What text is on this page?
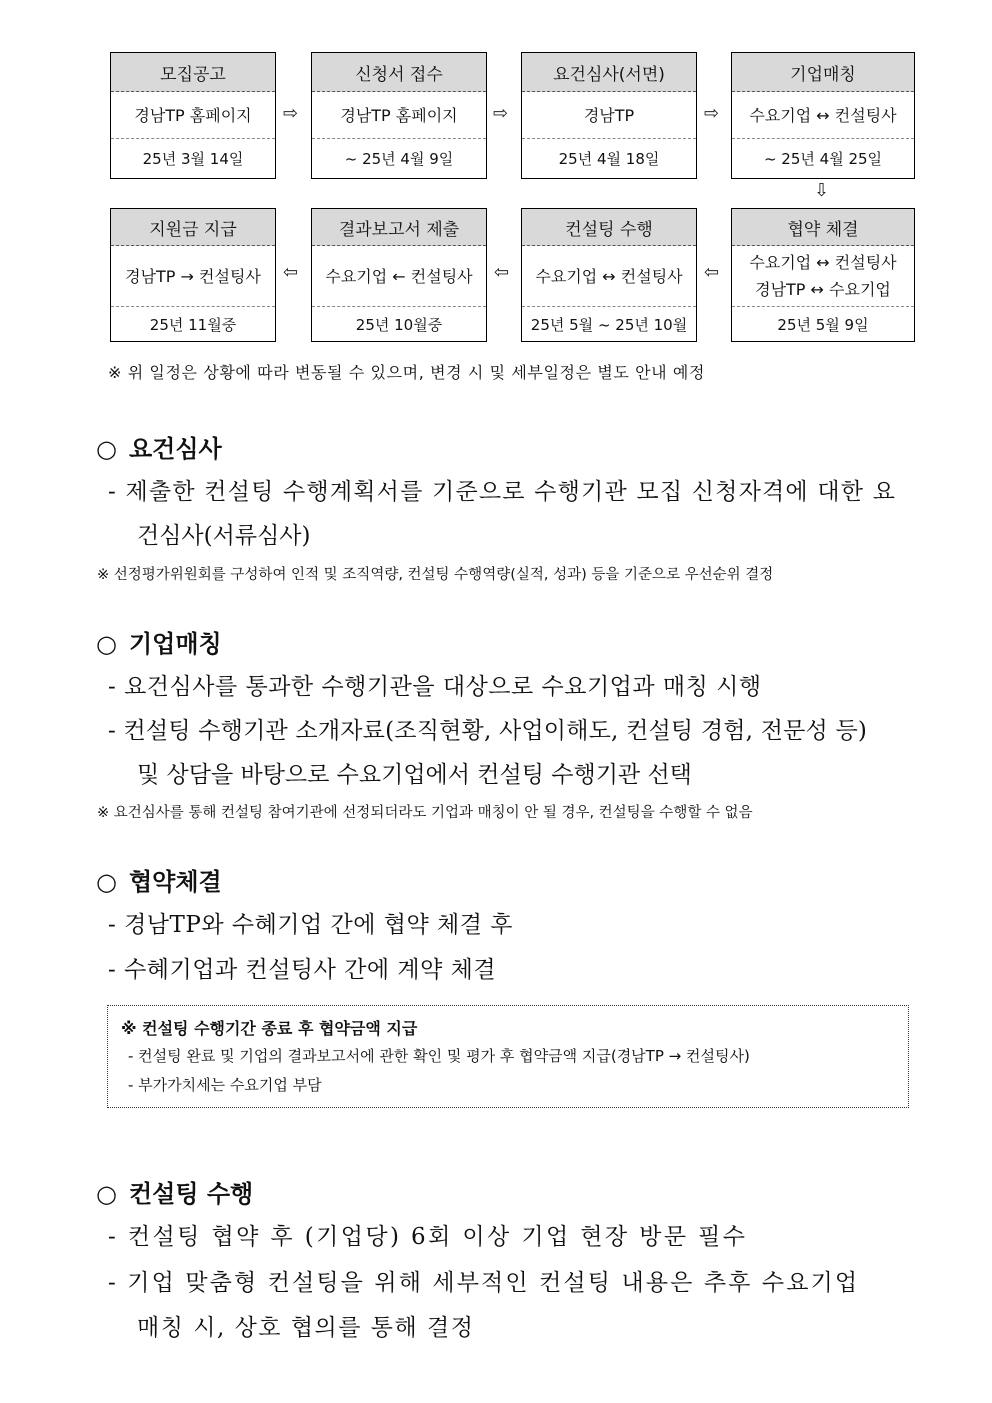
모집공고
경남TP 홈페이지
25년 3월 14일
신청서 접수
경남TP 홈페이지
~ 25년 4월 9일
요건심사(서면)
경남TP
25년 4월 18일
기업매칭
수요기업 ↔ 컨설팅사
~ 25년 4월 25일
지원금 지급
경남TP → 컨설팅사
25년 11월중
결과보고서 제출
수요기업 ← 컨설팅사
25년 10월중
컨설팅 수행
수요기업 ↔ 컨설팅사
25년 5월 ~ 25년 10월
협약 체결
수요기업 ↔ 컨설팅사
경남TP ↔ 수요기업
25년 5월 9일
⇨	⇨	⇨
⇩
⇦	⇦	⇦
※ 위 일정은 상황에 따라 변동될 수 있으며, 변경 시 및 세부일정은 별도 안내 예정
○ 요건심사
- 제출한 컨설팅 수행계획서를 기준으로 수행기관 모집 신청자격에 대한 요
건심사(서류심사)
※ 선정평가위원회를 구성하여 인적 및 조직역량, 컨설팅 수행역량(실적, 성과) 등을 기준으로 우선순위 결정
○ 기업매칭
- 요건심사를 통과한 수행기관을 대상으로 수요기업과 매칭 시행
- 컨설팅 수행기관 소개자료(조직현황, 사업이해도, 컨설팅 경험, 전문성 등)
및 상담을 바탕으로 수요기업에서 컨설팅 수행기관 선택
※ 요건심사를 통해 컨설팅 참여기관에 선정되더라도 기업과 매칭이 안 될 경우, 컨설팅을 수행할 수 없음
○ 협약체결
- 경남TP와 수혜기업 간에 협약 체결 후
- 수혜기업과 컨설팅사 간에 계약 체결
※ 컨설팅 수행기간 종료 후 협약금액 지급
- 컨설팅 완료 및 기업의 결과보고서에 관한 확인 및 평가 후 협약금액 지급(경남TP → 컨설팅사)
- 부가가치세는 수요기업 부담
○ 컨설팅 수행
- 컨설팅 협약 후 (기업당) 6회 이상 기업 현장 방문 필수
- 기업 맞춤형 컨설팅을 위해 세부적인 컨설팅 내용은 추후 수요기업
매칭 시, 상호 협의를 통해 결정
